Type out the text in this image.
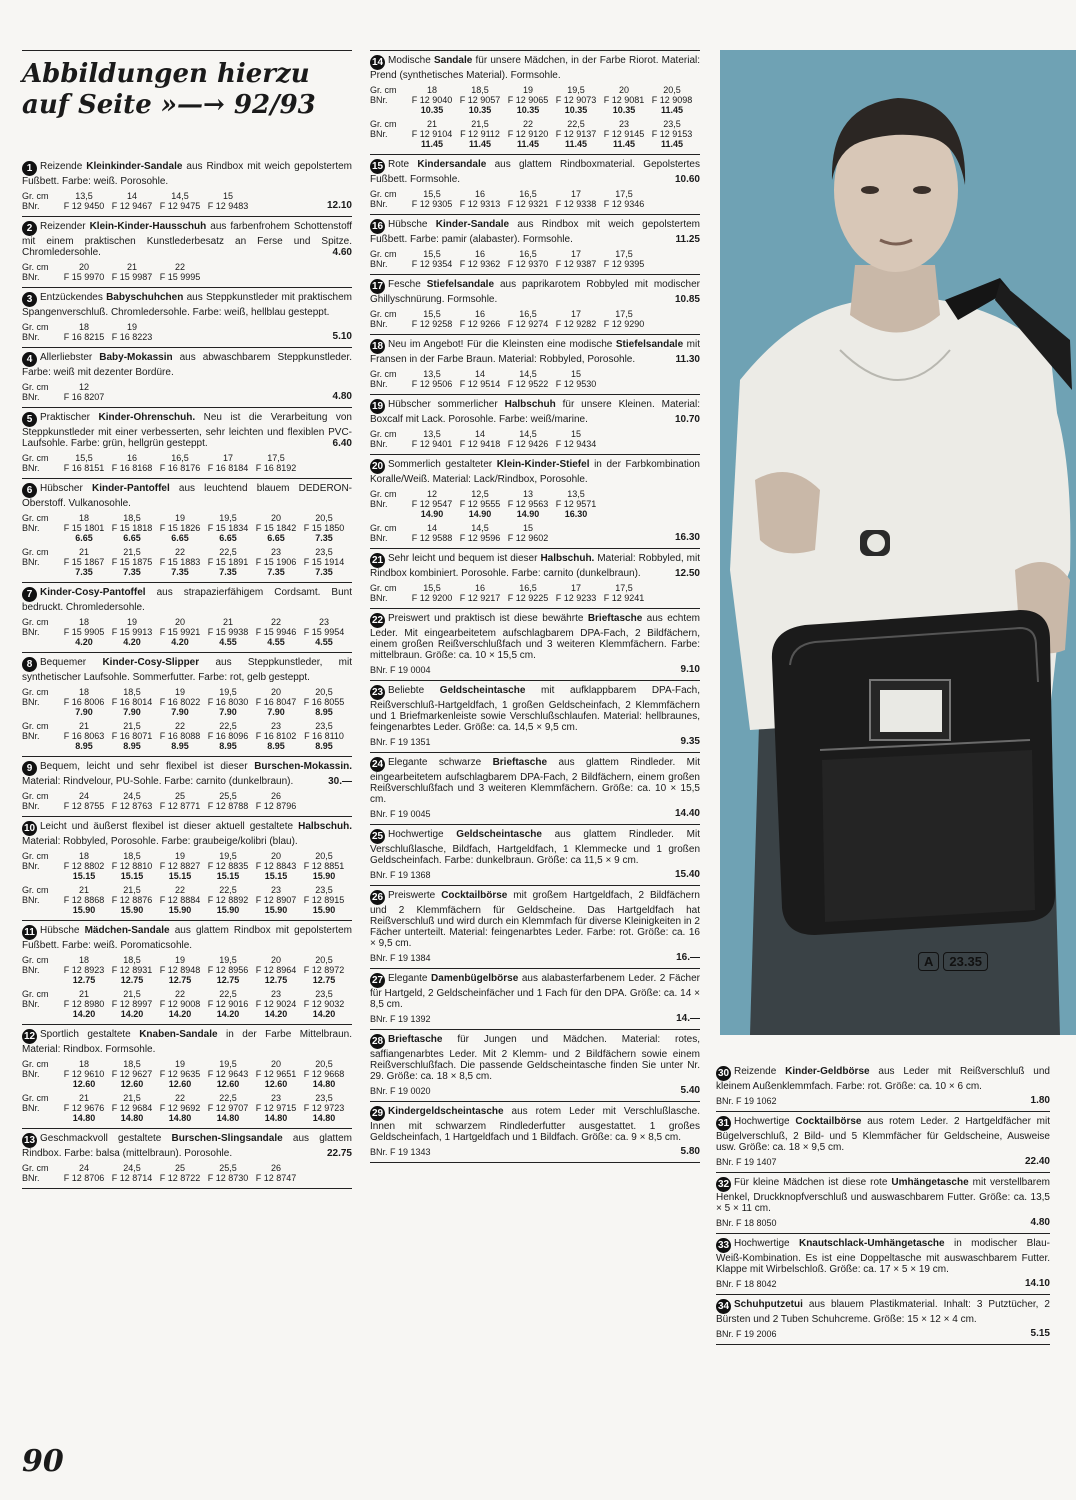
Abbildungen hierzu
auf Seite »—→ 92/93
1 Reizende Kleinkinder-Sandale aus Rindbox mit weich gepolstertem Fußbett. Farbe: weiß. Porosohle.
Gr. cm	13,5	14	14,5	15
BNr.	F 12 9450 F 12 9467 F 12 9475 F 12 9483	12.10
2 Reizender Klein-Kinder-Hausschuh aus farbenfrohem Schottenstoff mit einem praktischen Kunstlederbesatz an Ferse und Spitze. Chromledersohle.	4.60
Gr. cm	20	21	22
BNr.	F 15 9970 F 15 9987 F 15 9995
3 Entzückendes Babyschuhchen aus Steppkunstleder mit praktischem Spangenverschluß. Chromledersohle. Farbe: weiß, hellblau gesteppt.
Gr. cm	18	19
BNr.	F 16 8215 F 16 8223	5.10
4 Allerliebster Baby-Mokassin aus abwaschbarem Steppkunstleder. Farbe: weiß mit dezenter Bordüre.
Gr. cm	12
BNr.	F 16 8207	4.80
5 Praktischer Kinder-Ohrenschuh. Neu ist die Verarbeitung von Steppkunstleder mit einer verbesserten, sehr leichten und flexiblen PVC-Laufsohle. Farbe: grün, hellgrün gesteppt.	6.40
Gr. cm	15,5	16	16,5	17	17,5
BNr.	F 16 8151 F 16 8168 F 16 8176 F 16 8184 F 16 8192
6 Hübscher Kinder-Pantoffel aus leuchtend blauem DEDERON-Oberstoff. Vulkanosohle.
Gr. cm	18	18,5	19	19,5	20	20,5
BNr.	F 15 1801 F 15 1818 F 15 1826 F 15 1834 F 15 1842 F 15 1850
6.65	6.65	6.65	6.65	6.65	7.35
Gr. cm	21	21,5	22	22,5	23	23,5
BNr.	F 15 1867 F 15 1875 F 15 1883 F 15 1891 F 15 1906 F 15 1914
7.35	7.35	7.35	7.35	7.35	7.35
7 Kinder-Cosy-Pantoffel aus strapazierfähigem Cordsamt. Bunt bedruckt. Chromledersohle.
Gr. cm	18	19	20	21	22	23
BNr.	F 15 9905 F 15 9913 F 15 9921 F 15 9938 F 15 9946 F 15 9954
4.20	4.20	4.20	4.55	4.55	4.55
8 Bequemer Kinder-Cosy-Slipper aus Steppkunstleder, mit synthetischer Laufsohle. Sommerfutter. Farbe: rot, gelb gesteppt.
Gr. cm	18	18,5	19	19,5	20	20,5
BNr.	F 16 8006 F 16 8014 F 16 8022 F 16 8030 F 16 8047 F 16 8055
7.90	7.90	7.90	7.90	7.90	8.95
Gr. cm	21	21,5	22	22,5	23	23,5
BNr.	F 16 8063 F 16 8071 F 16 8088 F 16 8096 F 16 8102 F 16 8110
8.95	8.95	8.95	8.95	8.95	8.95
9 Bequem, leicht und sehr flexibel ist dieser Burschen-Mokassin. Material: Rindvelour, PU-Sohle. Farbe: carnito (dunkelbraun).	30.—
Gr. cm	24	24,5	25	25,5	26
BNr.	F 12 8755 F 12 8763 F 12 8771 F 12 8788 F 12 8796
10 Leicht und äußerst flexibel ist dieser aktuell gestaltete Halbschuh. Material: Robbyled, Porosohle. Farbe: graubeige/kolibri (blau).
Gr. cm	18	18,5	19	19,5	20	20,5
BNr.	F 12 8802 F 12 8810 F 12 8827 F 12 8835 F 12 8843 F 12 8851
15.15	15.15	15.15	15.15	15.15	15.90
Gr. cm	21	21,5	22	22,5	23	23,5
BNr.	F 12 8868 F 12 8876 F 12 8884 F 12 8892 F 12 8907 F 12 8915
15.90	15.90	15.90	15.90	15.90	15.90
11 Hübsche Mädchen-Sandale aus glattem Rindbox mit gepolstertem Fußbett. Farbe: weiß. Poromaticsohle.
Gr. cm	18	18,5	19	19,5	20	20,5
BNr.	F 12 8923 F 12 8931 F 12 8948 F 12 8956 F 12 8964 F 12 8972
12.75	12.75	12.75	12.75	12.75	12.75
Gr. cm	21	21,5	22	22,5	23	23,5
BNr.	F 12 8980 F 12 8997 F 12 9008 F 12 9016 F 12 9024 F 12 9032
14.20	14.20	14.20	14.20	14.20	14.20
12 Sportlich gestaltete Knaben-Sandale in der Farbe Mittelbraun. Material: Rindbox. Formsohle.
Gr. cm	18	18,5	19	19,5	20	20,5
BNr.	F 12 9610 F 12 9627 F 12 9635 F 12 9643 F 12 9651 F 12 9668
12.60	12.60	12.60	12.60	12.60	14.80
Gr. cm	21	21,5	22	22,5	23	23,5
BNr.	F 12 9676 F 12 9684 F 12 9692 F 12 9707 F 12 9715 F 12 9723
14.80	14.80	14.80	14.80	14.80	14.80
13 Geschmackvoll gestaltete Burschen-Slingsandale aus glattem Rindbox. Farbe: balsa (mittelbraun). Porosohle.	22.75
Gr. cm	24	24,5	25	25,5	26
BNr.	F 12 8706 F 12 8714 F 12 8722 F 12 8730 F 12 8747
14 Modische Sandale für unsere Mädchen, in der Farbe Riorot. Material: Prend (synthetisches Material). Formsohle.
Gr. cm	18	18,5	19	19,5	20	20,5
BNr.	F 12 9040 F 12 9057 F 12 9065 F 12 9073 F 12 9081 F 12 9098
10.35	10.35	10.35	10.35	10.35	11.45
Gr. cm	21	21,5	22	22,5	23	23,5
BNr.	F 12 9104 F 12 9112 F 12 9120 F 12 9137 F 12 9145 F 12 9153
11.45	11.45	11.45	11.45	11.45	11.45
15 Rote Kindersandale aus glattem Rindboxmaterial. Gepolstertes Fußbett. Formsohle.	10.60
Gr. cm	15,5	16	16,5	17	17,5
BNr.	F 12 9305 F 12 9313 F 12 9321 F 12 9338 F 12 9346
16 Hübsche Kinder-Sandale aus Rindbox mit weich gepolstertem Fußbett. Farbe: pamir (alabaster). Formsohle.	11.25
Gr. cm	15,5	16	16,5	17	17,5
BNr.	F 12 9354 F 12 9362 F 12 9370 F 12 9387 F 12 9395
17 Fesche Stiefelsandale aus paprikarotem Robbyled mit modischer Ghillyschnürung. Formsohle.	10.85
Gr. cm	15,5	16	16,5	17	17,5
BNr.	F 12 9258 F 12 9266 F 12 9274 F 12 9282 F 12 9290
18 Neu im Angebot! Für die Kleinsten eine modische Stiefelsandale mit Fransen in der Farbe Braun. Material: Robbyled, Porosohle.	11.30
Gr. cm	13,5	14	14,5	15
BNr.	F 12 9506 F 12 9514 F 12 9522 F 12 9530
19 Hübscher sommerlicher Halbschuh für unsere Kleinen. Material: Boxcalf mit Lack. Porosohle. Farbe: weiß/marine.	10.70
Gr. cm	13,5	14	14,5	15
BNr.	F 12 9401 F 12 9418 F 12 9426 F 12 9434
20 Sommerlich gestalteter Klein-Kinder-Stiefel in der Farbkombination Koralle/Weiß. Material: Lack/Rindbox, Porosohle.
Gr. cm	12	12,5	13	13,5
BNr.	F 12 9547 F 12 9555 F 12 9563 F 12 9571
14.90	14.90	14.90	16.30
Gr. cm	14	14,5	15
BNr.	F 12 9588 F 12 9596 F 12 9602	16.30
21 Sehr leicht und bequem ist dieser Halbschuh. Material: Robbyled, mit Rindbox kombiniert. Porosohle. Farbe: carnito (dunkelbraun).	12.50
Gr. cm	15,5	16	16,5	17	17,5
BNr.	F 12 9200 F 12 9217 F 12 9225 F 12 9233 F 12 9241
22 Preiswert und praktisch ist diese bewährte Brieftasche aus echtem Leder. Mit eingearbeitetem aufschlagbarem DPA-Fach, 2 Bildfächern, einem großen Reißverschlußfach und 3 weiteren Klemmfächern. Farbe: mittelbraun. Größe: ca. 10 × 15,5 cm.
BNr. F 19 0004	9.10
23 Beliebte Geldscheintasche mit aufklappbarem DPA-Fach, Reißverschluß-Hartgeldfach, 1 großen Geldscheinfach, 2 Klemmfächern und 1 Briefmarkenleiste sowie Verschlußschlaufen. Material: hellbraunes, feingenarbtes Leder. Größe: ca. 14,5 × 9,5 cm.
BNr. F 19 1351	9.35
24 Elegante schwarze Brieftasche aus glattem Rindleder. Mit eingearbeitetem aufschlagbarem DPA-Fach, 2 Bildfächern, einem großen Reißverschlußfach und 3 weiteren Klemmfächern. Größe: ca. 10 × 15,5 cm.
BNr. F 19 0045	14.40
25 Hochwertige Geldscheintasche aus glattem Rindleder. Mit Verschlußlasche, Bildfach, Hartgeldfach, 1 Klemmecke und 1 großen Geldscheinfach. Farbe: dunkelbraun. Größe: ca 11,5 × 9 cm.
BNr. F 19 1368	15.40
26 Preiswerte Cocktailbörse mit großem Hartgeldfach, 2 Bildfächern und 2 Klemmfächern für Geldscheine. Das Hartgeldfach hat Reißverschluß und wird durch ein Klemmfach für diverse Kleinigkeiten in 2 Fächer unterteilt. Material: feingenarbtes Leder. Farbe: rot. Größe: ca. 16 × 9,5 cm.
BNr. F 19 1384	16.—
27 Elegante Damenbügelbörse aus alabasterfarbenem Leder. 2 Fächer für Hartgeld, 2 Geldscheinfächer und 1 Fach für den DPA. Größe: ca. 14 × 8,5 cm.
BNr. F 19 1392	14.—
28 Brieftasche für Jungen und Mädchen. Material: rotes, saffiangenarbtes Leder. Mit 2 Klemm- und 2 Bildfächern sowie einem Reißverschlußfach. Die passende Geldscheintasche finden Sie unter Nr. 29. Größe: ca. 18 × 8,5 cm.
BNr. F 19 0020	5.40
29 Kindergeldscheintasche aus rotem Leder mit Verschlußlasche. Innen mit schwarzem Rindlederfutter ausgestattet. 1 großes Geldscheinfach, 1 Hartgeldfach und 1 Bildfach. Größe: ca. 9 × 8,5 cm.
BNr. F 19 1343	5.80
A	23.35
30 Reizende Kinder-Geldbörse aus Leder mit Reißverschluß und kleinem Außenklemmfach. Farbe: rot. Größe: ca. 10 × 6 cm.
BNr. F 19 1062	1.80
31 Hochwertige Cocktailbörse aus rotem Leder. 2 Hartgeldfächer mit Bügelverschluß, 2 Bild- und 5 Klemmfächer für Geldscheine, Ausweise usw. Größe: ca. 18 × 9,5 cm.
BNr. F 19 1407	22.40
32 Für kleine Mädchen ist diese rote Umhängetasche mit verstellbarem Henkel, Druckknopfverschluß und auswaschbarem Futter. Größe: ca. 13,5 × 5 × 11 cm.
BNr. F 18 8050	4.80
33 Hochwertige Knautschlack-Umhängetasche in modischer Blau-Weiß-Kombination. Es ist eine Doppeltasche mit auswaschbarem Futter. Klappe mit Wirbelschloß. Größe: ca. 17 × 5 × 19 cm.
BNr. F 18 8042	14.10
34 Schuhputzetui aus blauem Plastikmaterial. Inhalt: 3 Putztücher, 2 Bürsten und 2 Tuben Schuhcreme. Größe: 15 × 12 × 4 cm.
BNr. F 19 2006	5.15
90
